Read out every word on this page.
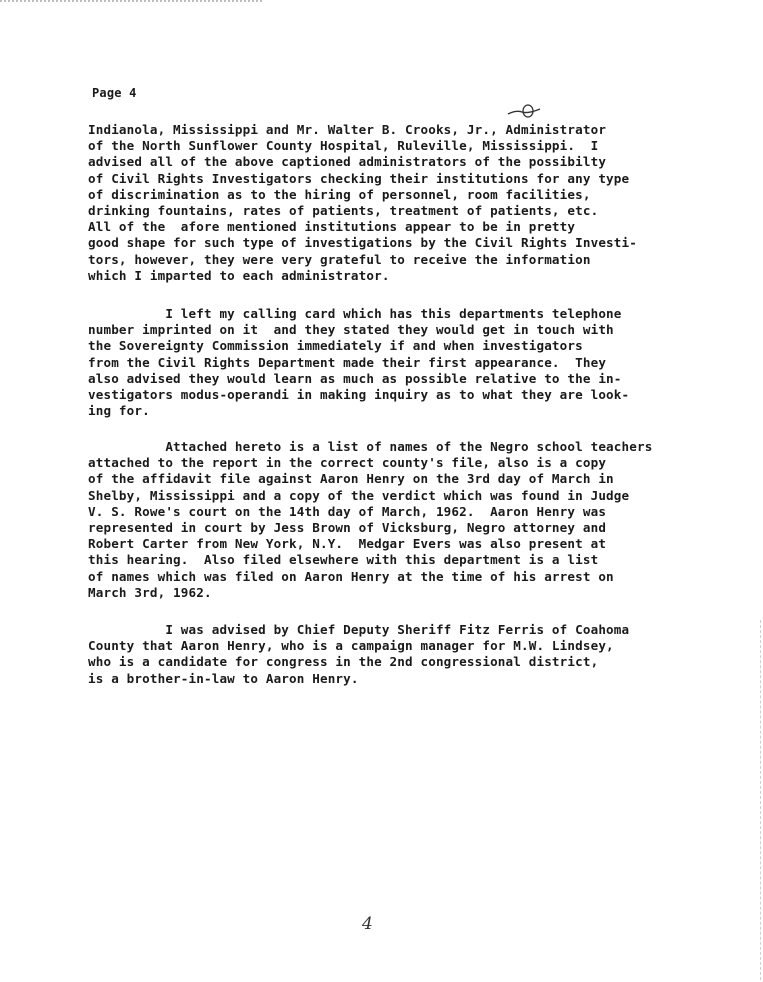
Page 4
Indianola, Mississippi and Mr. Walter B. Crooks, Jr., Administrator
of the North Sunflower County Hospital, Ruleville, Mississippi.  I
advised all of the above captioned administrators of the possibilty
of Civil Rights Investigators checking their institutions for any type
of discrimination as to the hiring of personnel, room facilities,
drinking fountains, rates of patients, treatment of patients, etc.
All of the  afore mentioned institutions appear to be in pretty
good shape for such type of investigations by the Civil Rights Investi-
tors, however, they were very grateful to receive the information
which I imparted to each administrator.
I left my calling card which has this departments telephone
number imprinted on it  and they stated they would get in touch with
the Sovereignty Commission immediately if and when investigators
from the Civil Rights Department made their first appearance.  They
also advised they would learn as much as possible relative to the in-
vestigators modus-operandi in making inquiry as to what they are look-
ing for.
Attached hereto is a list of names of the Negro school teachers
attached to the report in the correct county's file, also is a copy
of the affidavit file against Aaron Henry on the 3rd day of March in
Shelby, Mississippi and a copy of the verdict which was found in Judge
V. S. Rowe's court on the 14th day of March, 1962.  Aaron Henry was
represented in court by Jess Brown of Vicksburg, Negro attorney and
Robert Carter from New York, N.Y.  Medgar Evers was also present at
this hearing.  Also filed elsewhere with this department is a list
of names which was filed on Aaron Henry at the time of his arrest on
March 3rd, 1962.
I was advised by Chief Deputy Sheriff Fitz Ferris of Coahoma
County that Aaron Henry, who is a campaign manager for M.W. Lindsey,
who is a candidate for congress in the 2nd congressional district,
is a brother-in-law to Aaron Henry.
4
